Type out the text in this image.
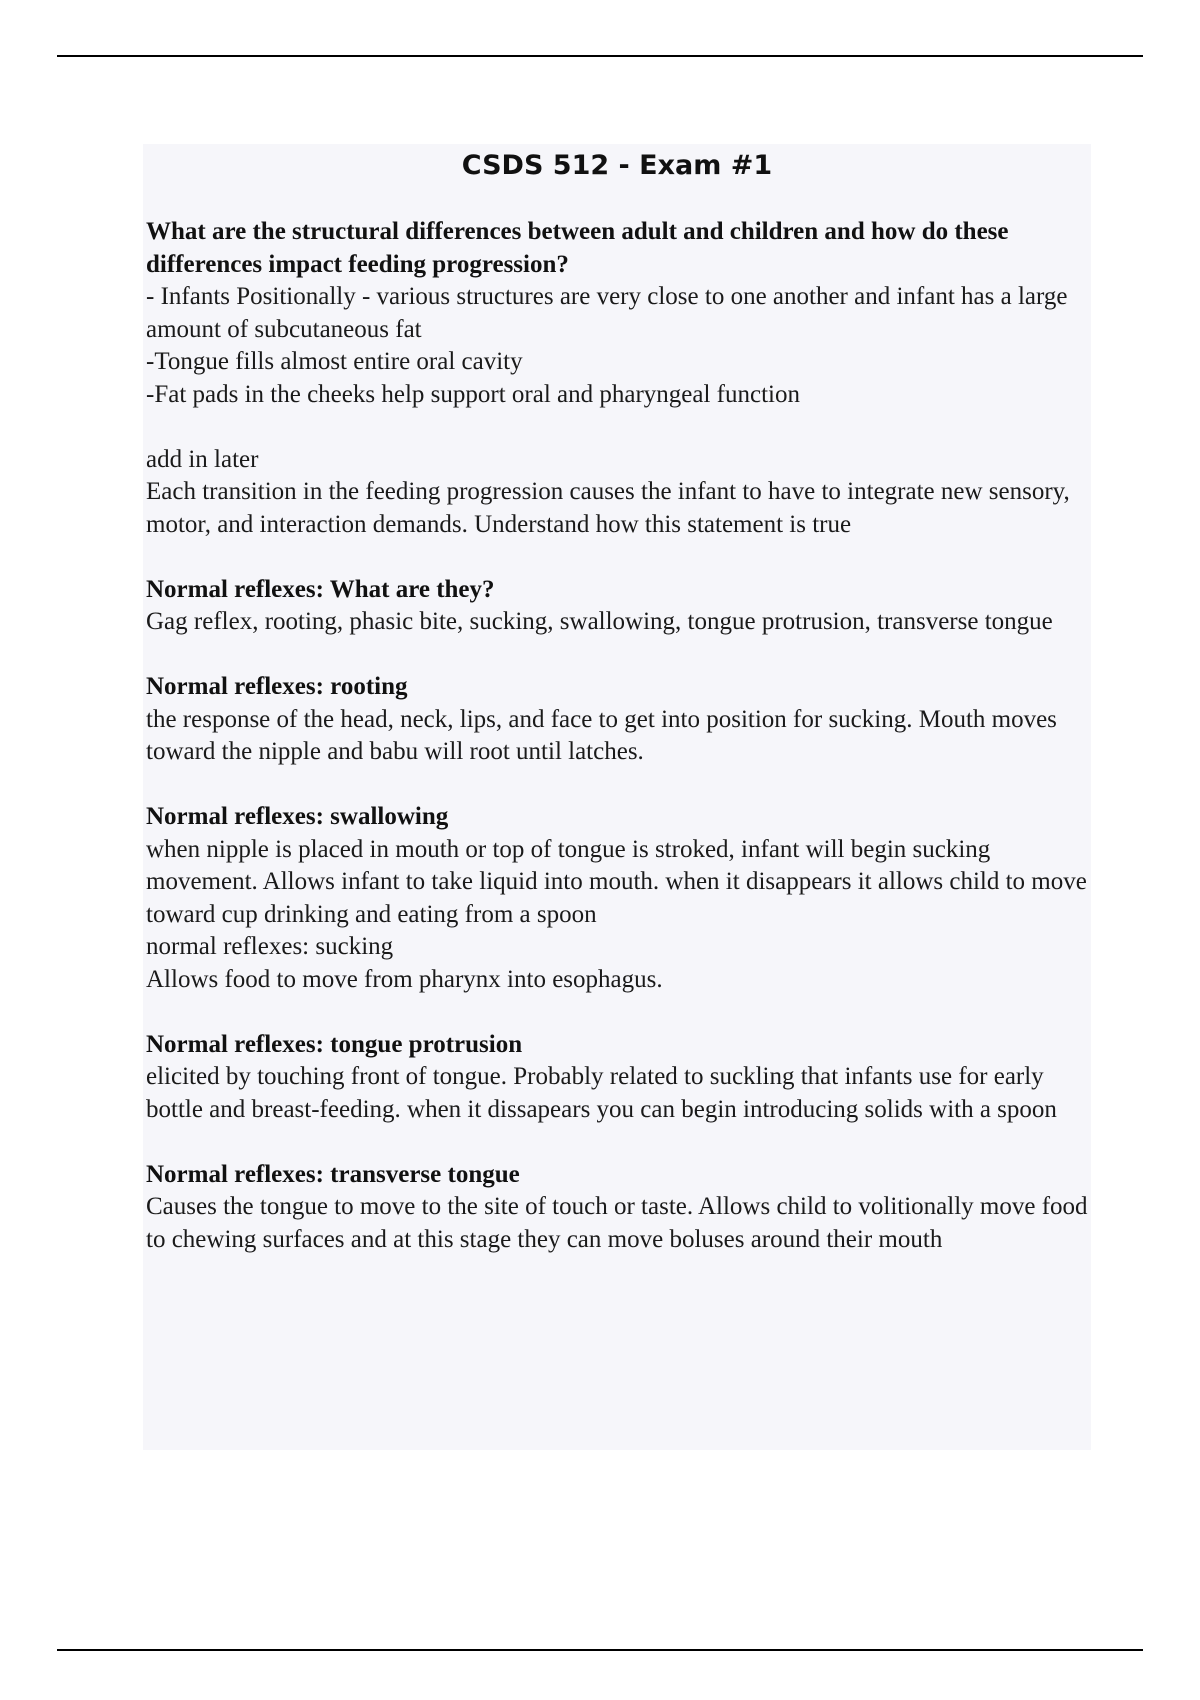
CSDS 512 - Exam #1

What are the structural differences between adult and children and how do these differences impact feeding progression?

- Infants Positionally - various structures are very close to one another and infant has a large amount of subcutaneous fat

-Tongue fills almost entire oral cavity

-Fat pads in the cheeks help support oral and pharyngeal function

add in later

Each transition in the feeding progression causes the infant to have to integrate new sensory, motor, and interaction demands. Understand how this statement is true

Normal reflexes: What are they?

Gag reflex, rooting, phasic bite, sucking, swallowing, tongue protrusion, transverse tongue

Normal reflexes: rooting

the response of the head, neck, lips, and face to get into position for sucking. Mouth moves toward the nipple and babu will root until latches.

Normal reflexes: swallowing

when nipple is placed in mouth or top of tongue is stroked, infant will begin sucking movement. Allows infant to take liquid into mouth. when it disappears it allows child to move toward cup drinking and eating from a spoon

normal reflexes: sucking

Allows food to move from pharynx into esophagus.

Normal reflexes: tongue protrusion

elicited by touching front of tongue. Probably related to suckling that infants use for early bottle and breast-feeding. when it dissapears you can begin introducing solids with a spoon

Normal reflexes: transverse tongue

Causes the tongue to move to the site of touch or taste. Allows child to volitionally move food to chewing surfaces and at this stage they can move boluses around their mouth
